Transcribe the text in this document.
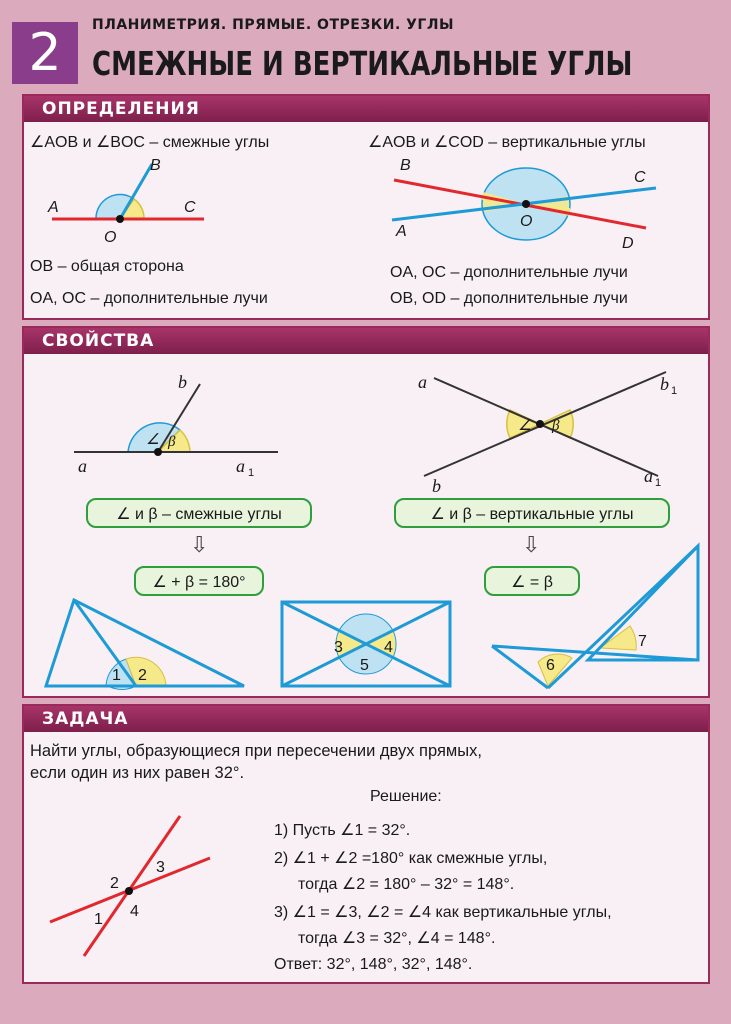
2	ПЛАНИМЕТРИЯ. ПРЯМЫЕ. ОТРЕЗКИ. УГЛЫ
СМЕЖНЫЕ И ВЕРТИКАЛЬНЫЕ УГЛЫ
ОПРЕДЕЛЕНИЯ
∠AOB и ∠BOC – смежные углы	∠AOB и ∠COD – вертикальные углы
B
A	C
O
B
C
O
A
D
OB – общая сторона
OA, OC – дополнительные лучи
OA, OC – дополнительные лучи
OB, OD – дополнительные лучи
СВОЙСТВА
b
a	a 1
∠ β
a	b 1
b	a 1
∠ β
∠ и β – смежные углы
⇩
∠ + β = 180°
∠ и β – вертикальные углы
⇩
∠ = β
1 2
3	4
5	6
7
ЗАДАЧА
Найти углы, образующиеся при пересечении двух прямых,
если один из них равен 32°.
Решение:
1) Пусть ∠1 = 32°.
2) ∠1 + ∠2 =180° как смежные углы,
тогда ∠2 = 180° – 32° = 148°.
3) ∠1 = ∠3, ∠2 = ∠4 как вертикальные углы,
тогда ∠3 = 32°, ∠4 = 148°.
Ответ: 32°, 148°, 32°, 148°.
1
2
3
4
